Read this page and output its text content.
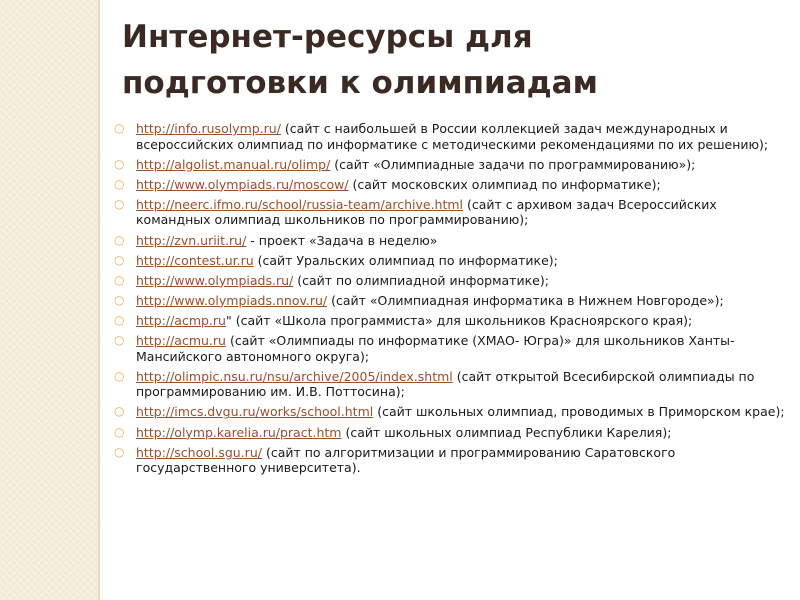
Интернет-ресурсы для
подготовки к олимпиадам
○ http://info.rusolymp.ru/ (сайт с наибольшей в России коллекцией задач международных и всероссийских олимпиад по информатике с методическими рекомендациями по их решению);
○ http://algolist.manual.ru/olimp/ (сайт «Олимпиадные задачи по программированию»);
○ http://www.olympiads.ru/moscow/ (сайт московских олимпиад по информатике);
○ http://neerc.ifmo.ru/school/russia-team/archive.html (сайт с архивом задач Всероссийских командных олимпиад школьников по программированию);
○ http://zvn.uriit.ru/ - проект «Задача в неделю»
○ http://contest.ur.ru (сайт Уральских олимпиад по информатике);
○ http://www.olympiads.ru/ (сайт по олимпиадной информатике);
○ http://www.olympiads.nnov.ru/ (сайт «Олимпиадная информатика в Нижнем Новгороде»);
○ http://acmp.ru" (сайт «Школа программиста» для школьников Красноярского края);
○ http://acmu.ru (сайт «Олимпиады по информатике (ХМАО- Югра)» для школьников Ханты-Мансийского автономного округа);
○ http://olimpic.nsu.ru/nsu/archive/2005/index.shtml (сайт открытой Всесибирской олимпиады по программированию им. И.В. Поттосина);
○ http://imcs.dvgu.ru/works/school.html (сайт школьных олимпиад, проводимых в Приморском крае);
○ http://olymp.karelia.ru/pract.htm (сайт школьных олимпиад Республики Карелия);
○ http://school.sgu.ru/ (сайт по алгоритмизации и программированию Саратовского государственного университета).
